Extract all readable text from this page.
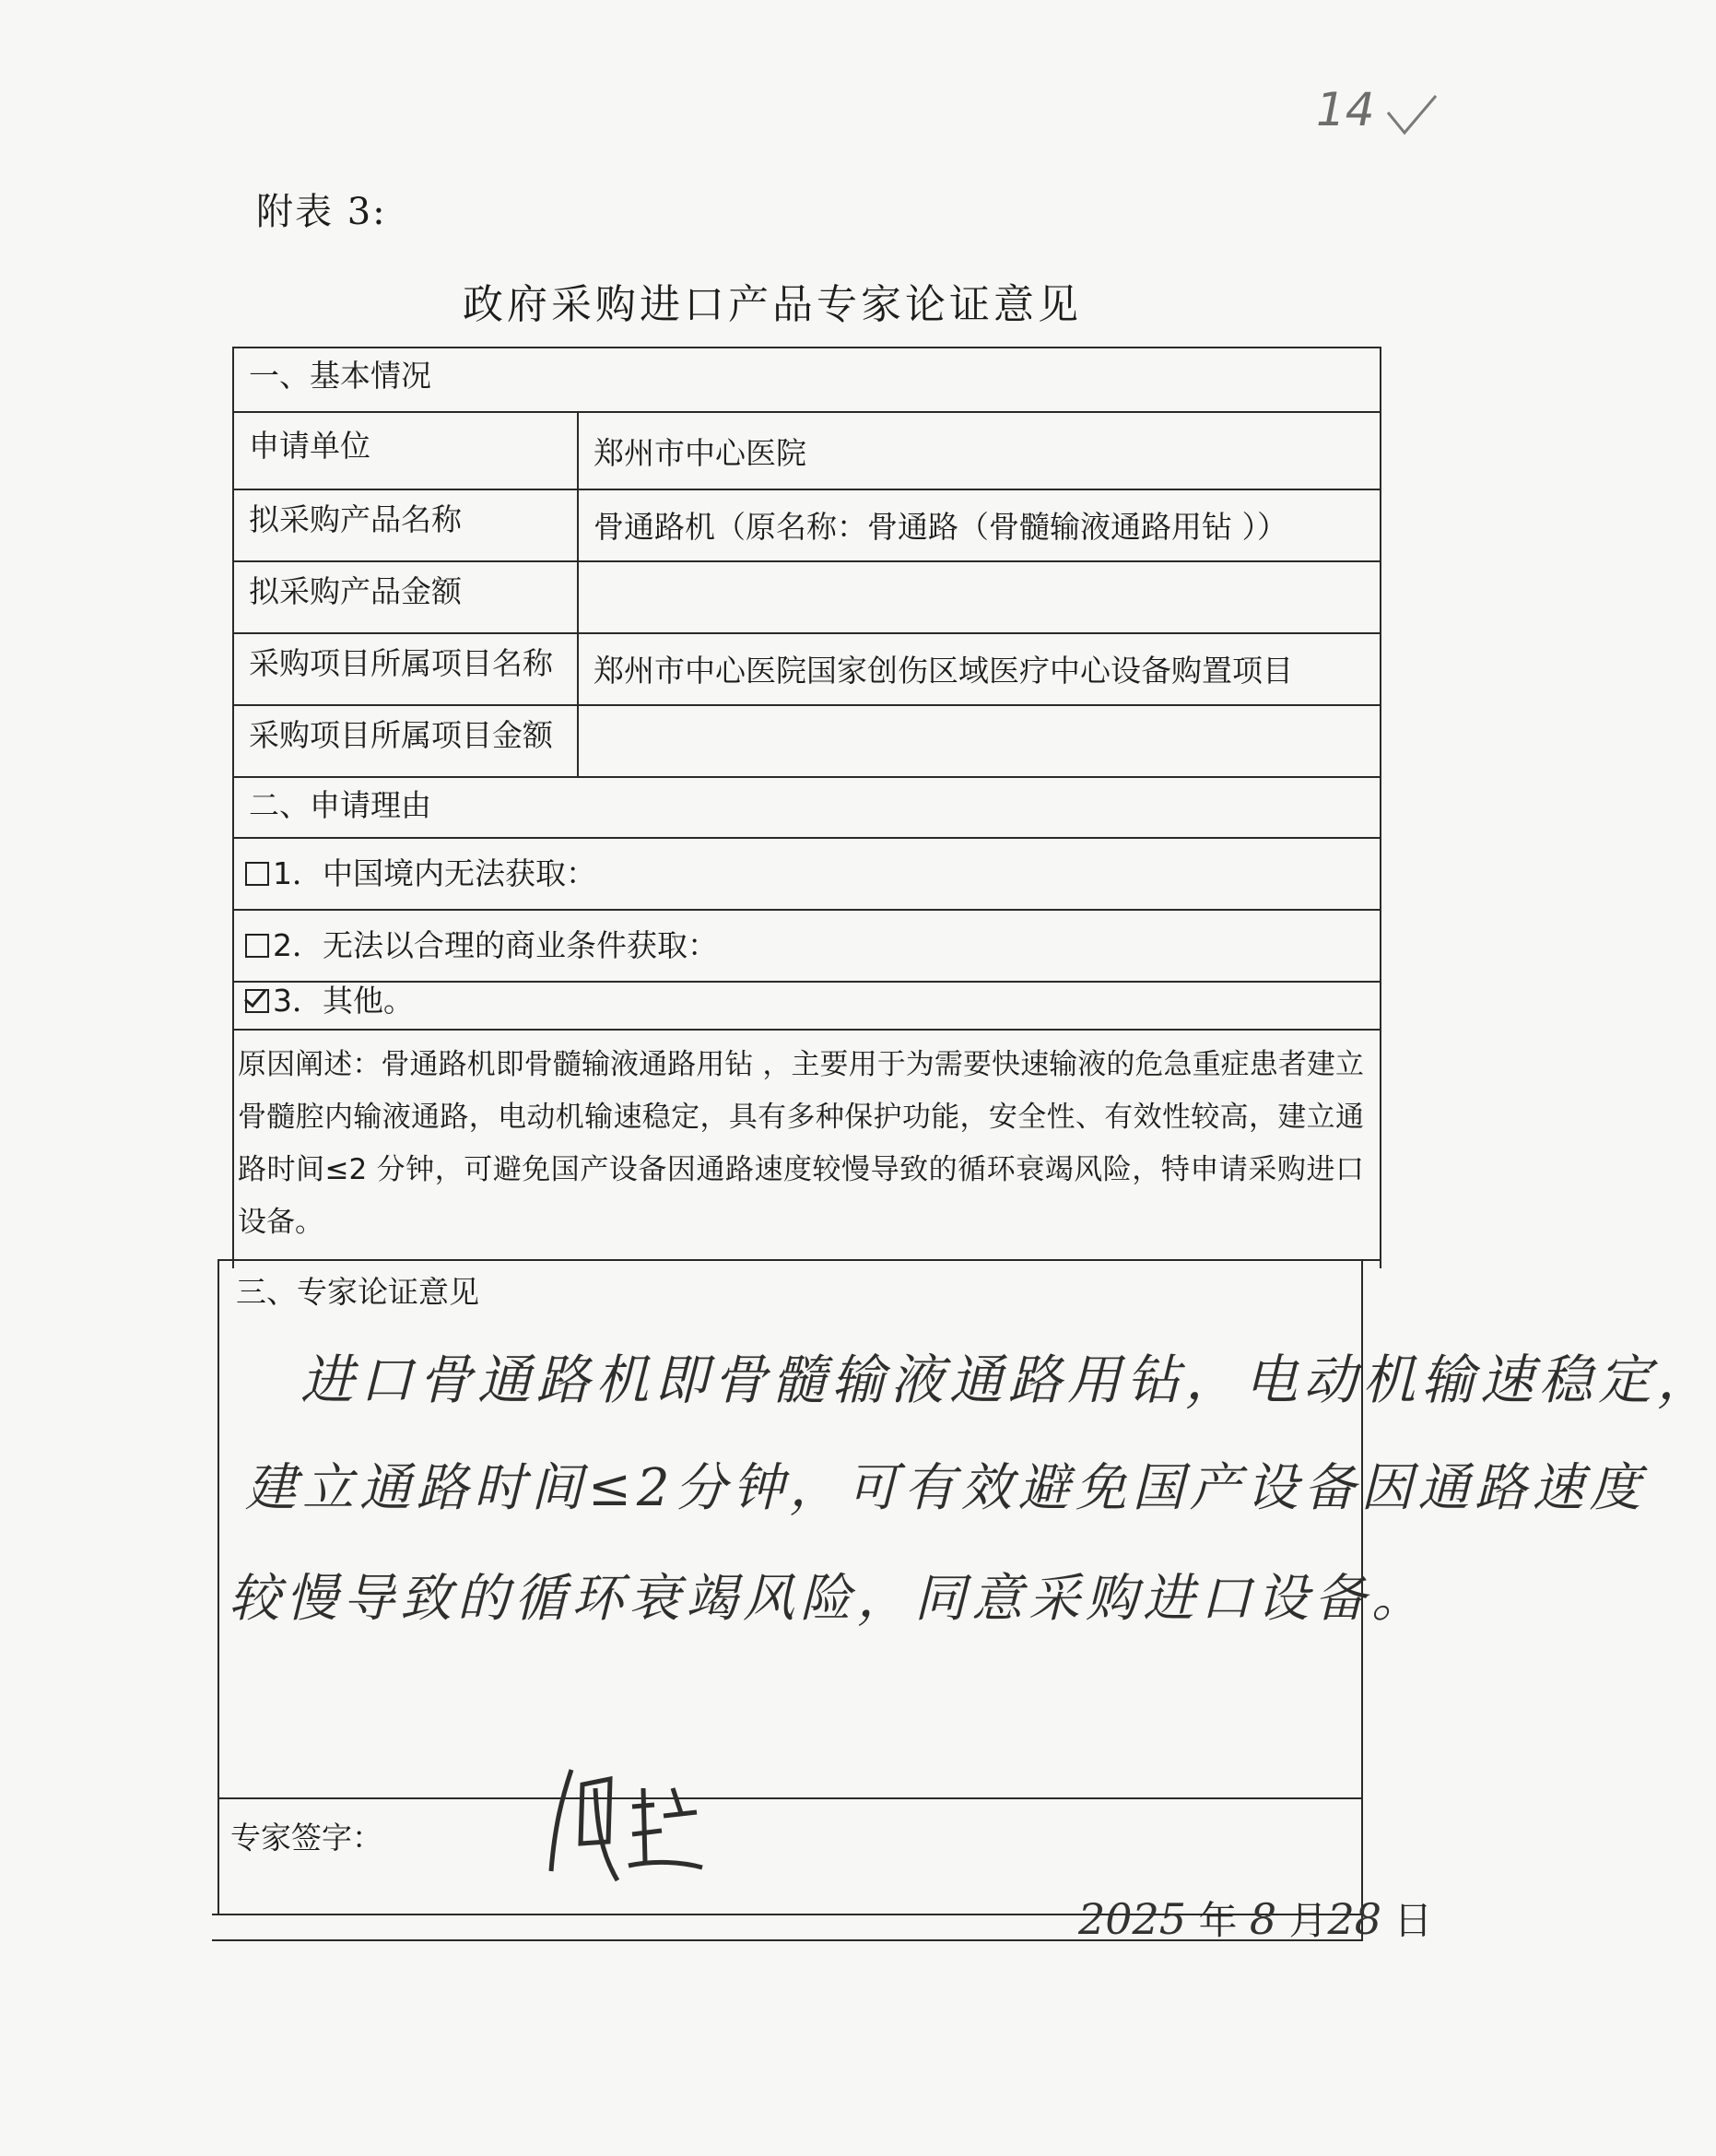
14
附表 3:
政府采购进口产品专家论证意见
一、基本情况
申请单位	郑州市中心医院
拟采购产品名称	骨通路机（原名称：骨通路（骨髓输液通路用钻 ））
拟采购产品金额
采购项目所属项目名称 郑州市中心医院国家创伤区域医疗中心设备购置项目
采购项目所属项目金额
二、申请理由
1．中国境内无法获取：
2．无法以合理的商业条件获取：
3．其他。
原因阐述：骨通路机即骨髓输液通路用钻 ，主要用于为需要快速输液的危急重症患者建立骨髓腔内输液通路，电动机输速稳定，具有多种保护功能，安全性、有效性较高，建立通路时间≤2 分钟，可避免国产设备因通路速度较慢导致的循环衰竭风险，特申请采购进口设备。
三、专家论证意见
进口骨通路机即骨髓输液通路用钻，电动机输速稳定，
建立通路时间≤2分钟，可有效避免国产设备因通路速度
较慢导致的循环衰竭风险，同意采购进口设备。
专家签字：
2025 年 8 月28 日
